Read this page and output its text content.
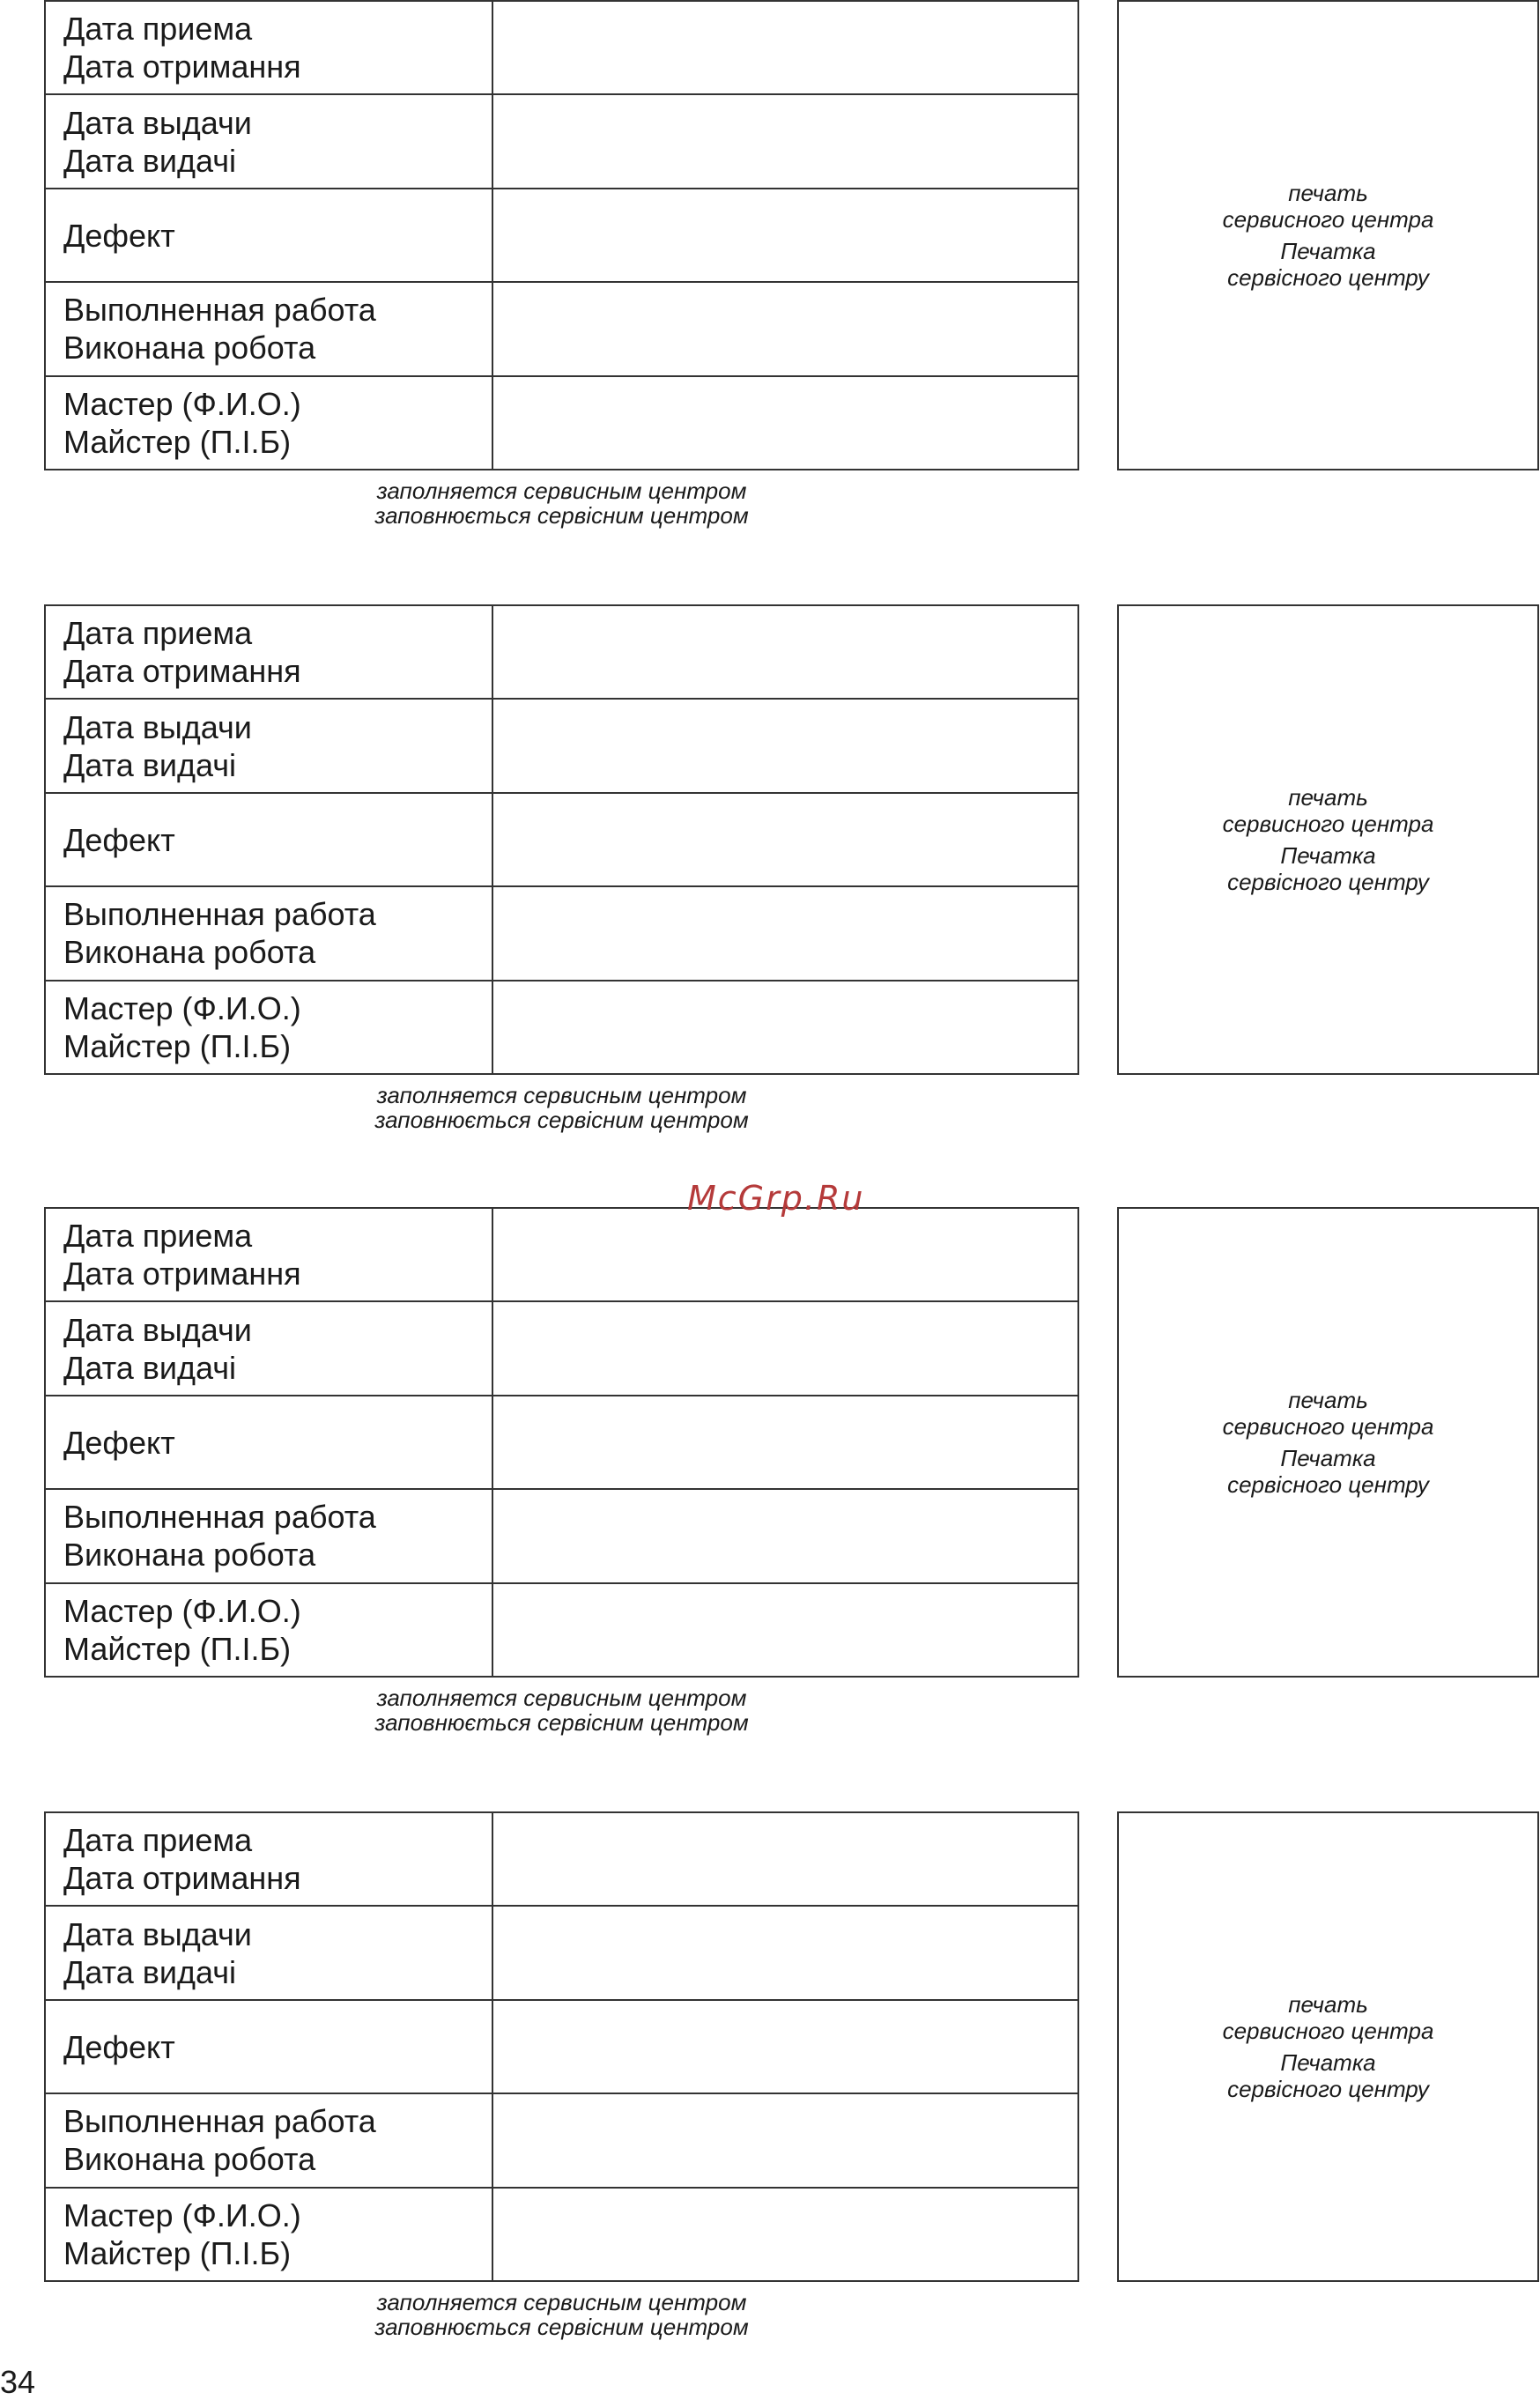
Дата приема
Дата отримання
Дата выдачи
Дата видачі
Дефект
Выполненная работа
Виконана робота
Мастер (Ф.И.О.)
Майстер (П.І.Б)
печать
сервисного центра
Печатка
сервісного центру
заполняется сервисным центром
заповнюється сервісним центром
Дата приема
Дата отримання
Дата выдачи
Дата видачі
Дефект
Выполненная работа
Виконана робота
Мастер (Ф.И.О.)
Майстер (П.І.Б)
печать
сервисного центра
Печатка
сервісного центру
заполняется сервисным центром
заповнюється сервісним центром
Дата приема
Дата отримання
Дата выдачи
Дата видачі
Дефект
Выполненная работа
Виконана робота
Мастер (Ф.И.О.)
Майстер (П.І.Б)
печать
сервисного центра
Печатка
сервісного центру
заполняется сервисным центром
заповнюється сервісним центром
Дата приема
Дата отримання
Дата выдачи
Дата видачі
Дефект
Выполненная работа
Виконана робота
Мастер (Ф.И.О.)
Майстер (П.І.Б)
печать
сервисного центра
Печатка
сервісного центру
заполняется сервисным центром
заповнюється сервісним центром
McGrp.Ru
34
